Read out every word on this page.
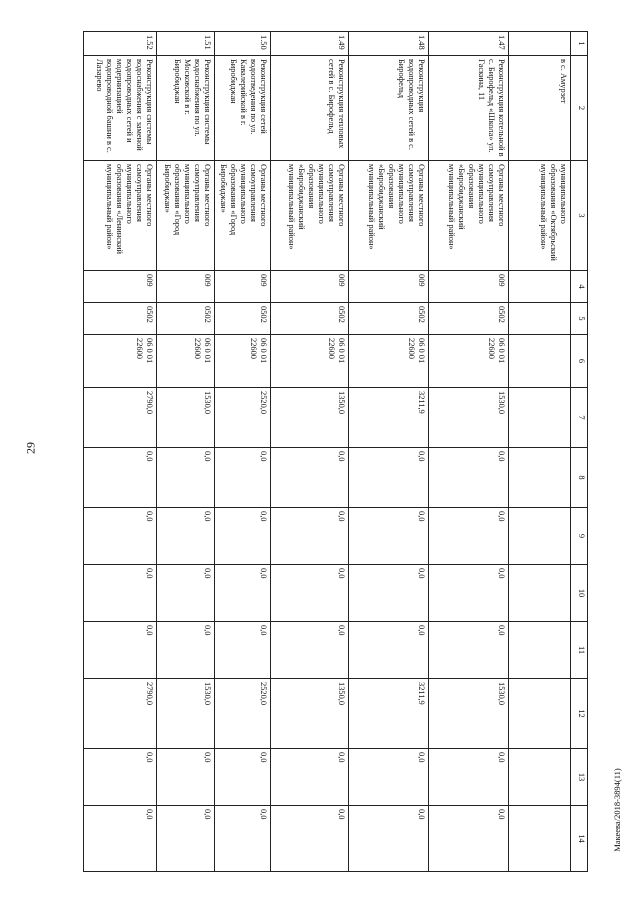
29
Макеева/2018-3894(11)
1	2	3	4	5	6	7	8	9	10	11	12	13	14
	в с. Амурзет	муниципального образования «Октябрьский муниципальный район»											
1.47	Реконструкция котельной в с. Бирофельд «Школа» ул. Гаскина, 11	Органы местного самоуправления муниципального образования «Биробиджанский муниципальный район»	009	0502	06 0 01 22600	1530,0	0,0	0,0	0,0	0,0	1530,0	0,0	0,0
1.48	Реконструкция водопроводных сетей в с. Бирофельд	Органы местного самоуправления муниципального образования «Биробиджанский муниципальный район»	009	0502	06 0 01 22600	3211,9	0,0	0,0	0,0	0,0	3211,9	0,0	0,0
1.49	Реконструкция тепловых сетей в с. Бирофельд	Органы местного самоуправления муниципального образования «Биробиджанский муниципальный район»	009	0502	06 0 01 22600	1350,0	0,0	0,0	0,0	0,0	1350,0	0,0	0,0
1.50	Реконструкция сетей водоотведения по ул. Кавалерийской в г. Биробиджан	Органы местного самоуправления муниципального образования «Город Биробиджан»	009	0502	06 0 01 22600	2520,0	0,0	0,0	0,0	0,0	2520,0	0,0	0,0
1.51	Реконструкция системы водоснабжения по ул. Московской в г. Биробиджан	Органы местного самоуправления муниципального образования «Город Биробиджан»	009	0502	06 0 01 22600	1530,0	0,0	0,0	0,0	0,0	1530,0	0,0	0,0
1.52	Реконструкция системы водоснабжения с заменой водопроводных сетей и модернизацией водопроводной башни в с. Лазарево	Органы местного самоуправления муниципального образования «Ленинский муниципальный район»	009	0502	06 0 01 22600	2790,0	0,0	0,0	0,0	0,0	2790,0	0,0	0,0
